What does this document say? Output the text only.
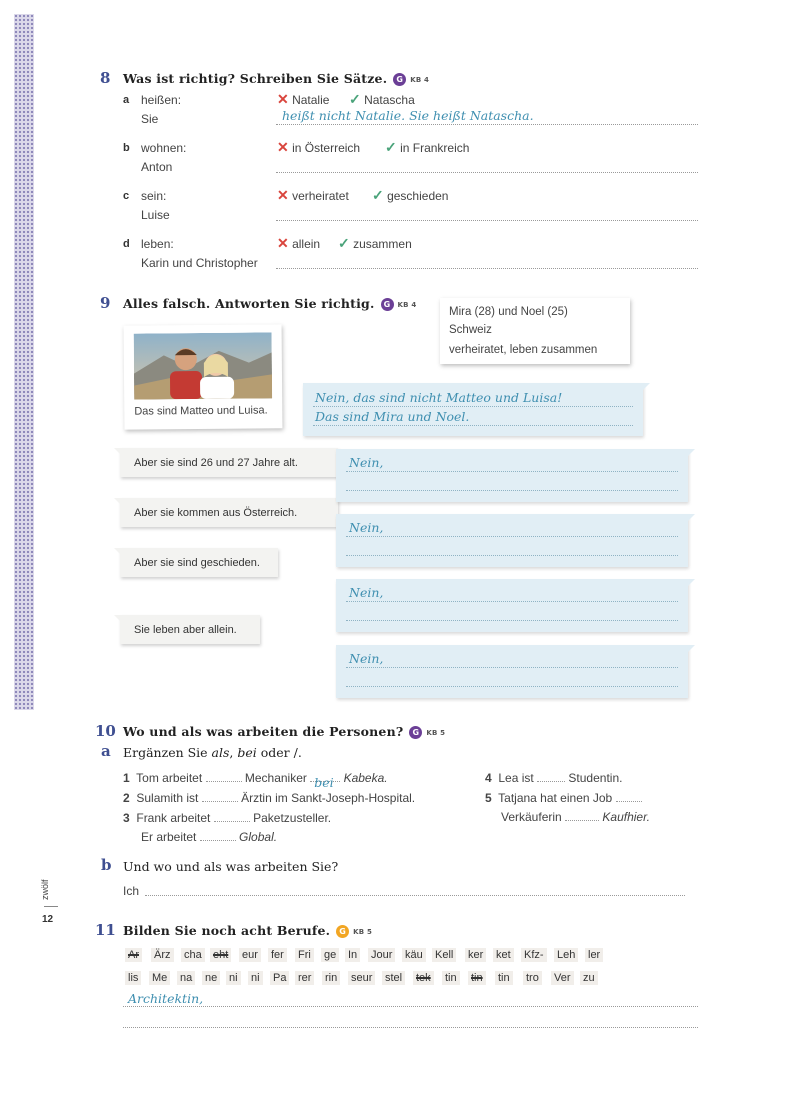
8 Was ist richtig? Schreiben Sie Sätze. G KB 4
a heißen:
Sie
✕ Natalie ✓ Natascha
heißt nicht Natalie. Sie heißt Natascha.
b wohnen:
Anton
✕ in Österreich ✓ in Frankreich
c sein:
Luise
✕ verheiratet ✓ geschieden
d leben:
Karin und Christopher
✕ allein ✓ zusammen
9 Alles falsch. Antworten Sie richtig. G KB 4
Mira (28) und Noel (25)
Schweiz
verheiratet, leben zusammen
Das sind Matteo und Luisa.
Nein, das sind nicht Matteo und Luisa!
Das sind Mira und Noel.
Aber sie sind 26 und 27 Jahre alt.
Aber sie kommen aus Österreich.
Aber sie sind geschieden.
Sie leben aber allein.
Nein,
Nein,
Nein,
Nein,
10 Wo und als was arbeiten die Personen? G KB 5
a Ergänzen Sie als, bei oder /.
1 Tom arbeitet	Mechaniker bei Kabeka.
2 Sulamith ist	Ärztin im Sankt-Joseph-Hospital.
3 Frank arbeitet	Paketzusteller.
Er arbeitet	Global.
4 Lea ist	Studentin.
5 Tatjana hat einen Job
Verkäuferin	Kaufhier.
b Und wo und als was arbeiten Sie?
Ich
zwölf
12
11 Bilden Sie noch acht Berufe. G KB 5
Ar Ärz cha eht eur fer Fri ge In Jour käu Kell ker ket Kfz- Leh ler
lis Me na ne ni ni Pa rer rin seur stel tek tin tin tin tro Ver zu
Architektin,
